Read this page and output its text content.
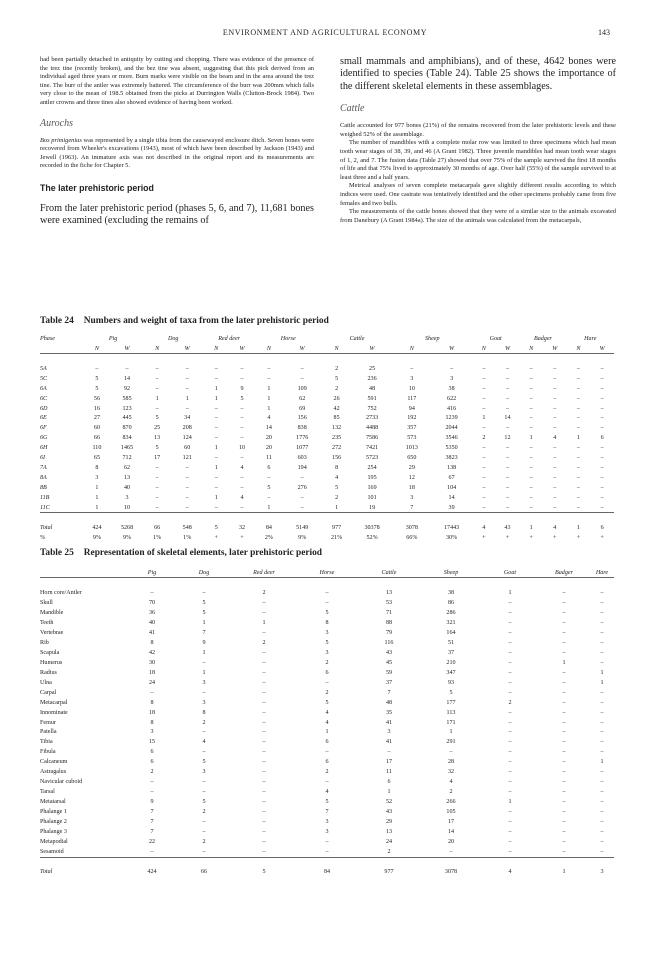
ENVIRONMENT AND AGRICULTURAL ECONOMY	143

had been partially detached in antiquity by cutting and chopping. There was evidence of the presence of the trez tine (recently broken), and the bez tine was absent, suggesting that this pick derived from an individual aged three years or more. Burn marks were visible on the beam and in the area around the trez tine. The burr of the antler was extremely battered. The circumference of the burr was 200mm which falls very close to the mean of 198.5 obtained from the picks at Durrington Walls (Clutton-Brock 1984). Two antler crowns and three tines also showed evidence of having been worked.

Aurochs

Bos primigenius was represented by a single tibia from the causewayed enclosure ditch. Seven bones were recovered from Wheeler's excavations (1943), most of which have been described by Jackson (1943) and Jewell (1963). An immature axis was not described in the original report and its measurements are recorded in the fiche for Chapter 5.

The later prehistoric period

From the later prehistoric period (phases 5, 6, and 7), 11,681 bones were examined (excluding the remains of

small mammals and amphibians), and of these, 4642 bones were identified to species (Table 24). Table 25 shows the importance of the different skeletal elements in these assemblages.

Cattle

Cattle accounted for 977 bones (21%) of the remains recovered from the later prehistoric levels and these weighed 52% of the assemblage.

The number of mandibles with a complete molar row was limited to three specimens which had mean tooth wear stages of 38, 39, and 46 (A Grant 1982). Three juvenile mandibles had mean tooth wear stages of 1, 2, and 7. The fusion data (Table 27) showed that over 75% of the sample survived the first 18 months of life and that 75% lived to approximately 30 months of age. Over half (55%) of the sample survived to at least three and a half years.

Metrical analyses of seven complete metacarpals gave slightly different results according to which indices were used. One castrate was tentatively identified and the other specimens probably came from five females and two bulls.

The measurements of the cattle bones showed that they were of a similar size to the animals excavated from Danebury (A Grant 1984a). The size of the animals was calculated from the metacarpals,

Table 24 Numbers and weight of taxa from the later prehistoric period
Phase	Pig		Dog		Red deer		Horse		Cattle		Sheep		Goat		Badger		Hare	
	N	W	N	W	N	W	N	W	N	W	N	W	N	W	N	W	N	W

5A	–	–	–	–	–	–	–	–	2	25	–	–	–	–	–	–	–	–
5C	5	14	–	–	–	–	–	–	5	236	3	3	–	–	–	–	–	–
6A	5	92	–	–	1	9	1	109	2	48	10	38	–	–	–	–	–	–
6C	56	585	1	1	1	5	1	62	26	591	117	622	–	–	–	–	–	–
6D	16	123	–	–	–	–	1	69	42	752	94	416	–	–	–	–	–	–
6E	27	445	5	34	–	–	4	156	85	2733	192	1239	1	14	–	–	–	–
6F	60	870	25	208	–	–	14	838	132	4488	357	2044	–	–	–	–	–	–
6G	66	834	13	124	–	–	20	1776	235	7586	573	3546	2	12	1	4	1	6
6H	110	1465	5	60	1	10	20	1077	272	7421	1013	5350	–	–	–	–	–	–
6I	65	712	17	121	–	–	11	603	156	5723	650	3823	–	–	–	–	–	–
7A	8	62	–	–	1	4	6	194	8	254	29	138	–	–	–	–	–	–
8A	3	13	–	–	–	–	–	–	4	195	12	67	–	–	–	–	–	–
8B	1	40	–	–	–	–	5	276	5	169	18	104	–	–	–	–	–	–
11B	1	3	–	–	1	4	–	–	2	101	3	14	–	–	–	–	–	–
11C	1	10	–	–	–	–	1	–	1	19	7	39	–	–	–	–	–	–

Total	424	5268	66	548	5	32	84	5149	977	30378	3078	17443	4	43	1	4	1	6
%	9%	9%	1%	1%	+	+	2%	9%	21%	52%	66%	30%	+	+	+	+	+	+
Table 25 Representation of skeletal elements, later prehistoric period
	Pig	Dog	Red deer	Horse	Cattle	Sheep	Goat	Badger	Hare

Horn core/Antler	–	–	2	–	13	38	1	–	–
Skull	70	5	–	–	53	86	–	–	–
Mandible	36	5	–	5	71	286	–	–	–
Teeth	40	1	1	8	88	321	–	–	–
Vertebrae	41	7	–	3	79	164	–	–	–
Rib	8	9	2	5	116	51	–	–	–
Scapula	42	1	–	3	43	37	–	–	–
Humerus	30	–	–	2	45	210	–	1	–
Radius	18	1	–	6	59	347	–	–	1
Ulna	24	3	–	–	37	93	–	–	1
Carpal	–	–	–	2	7	5	–	–	–
Metacarpal	8	3	–	5	48	177	2	–	–
Innominate	18	8	–	4	35	113	–	–	–
Femur	8	2	–	4	41	171	–	–	–
Patella	3	–	–	1	3	1	–	–	–
Tibia	15	4	–	6	41	291	–	–	–
Fibula	6	–	–	–	–	–	–	–	–
Calcaneum	6	5	–	6	17	28	–	–	1
Astragalus	2	3	–	2	11	32	–	–	–
Navicular cuboid	–	–	–	–	6	4	–	–	–
Tarsal	–	–	–	4	1	2	–	–	–
Metatarsal	9	5	–	5	52	266	1	–	–
Phalange 1	7	2	–	7	43	105	–	–	–
Phalange 2	7	–	–	3	29	17	–	–	–
Phalange 3	7	–	–	3	13	14	–	–	–
Metapodial	22	2	–	–	24	20	–	–	–
Sesamoid	–	–	–	–	2	–	–	–	–

Total	424	66	5	84	977	3078	4	1	3
